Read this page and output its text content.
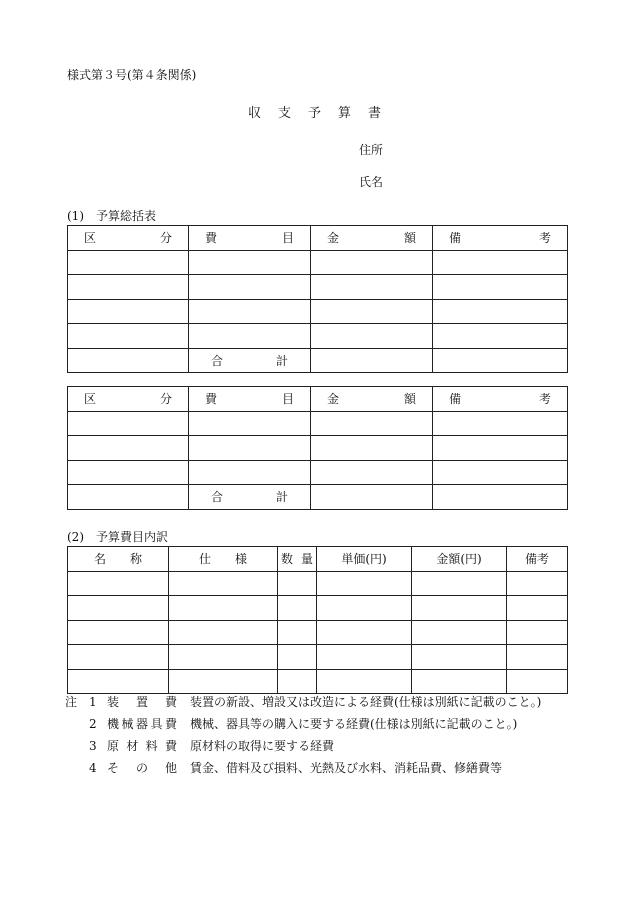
様式第３号(第４条関係)
収支予算書
住所
氏名
(1)　予算総括表
区 分	費 目	金 額	備 考

	合 計		

区 分	費 目	金 額	備 考

	合 計		

(2)　予算費目内訳
名 称	仕 様	数 量	単価(円)	金額(円)	備考

注 1 装 置 費 装置の新設、増設又は改造による経費(仕様は別紙に記載のこと。)
2 機 械 器 具 費 機械、器具等の購入に要する経費(仕様は別紙に記載のこと。)
3 原 材 料 費 原材料の取得に要する経費
4 そ の 他 賃金、借料及び損料、光熱及び水料、消耗品費、修繕費等
